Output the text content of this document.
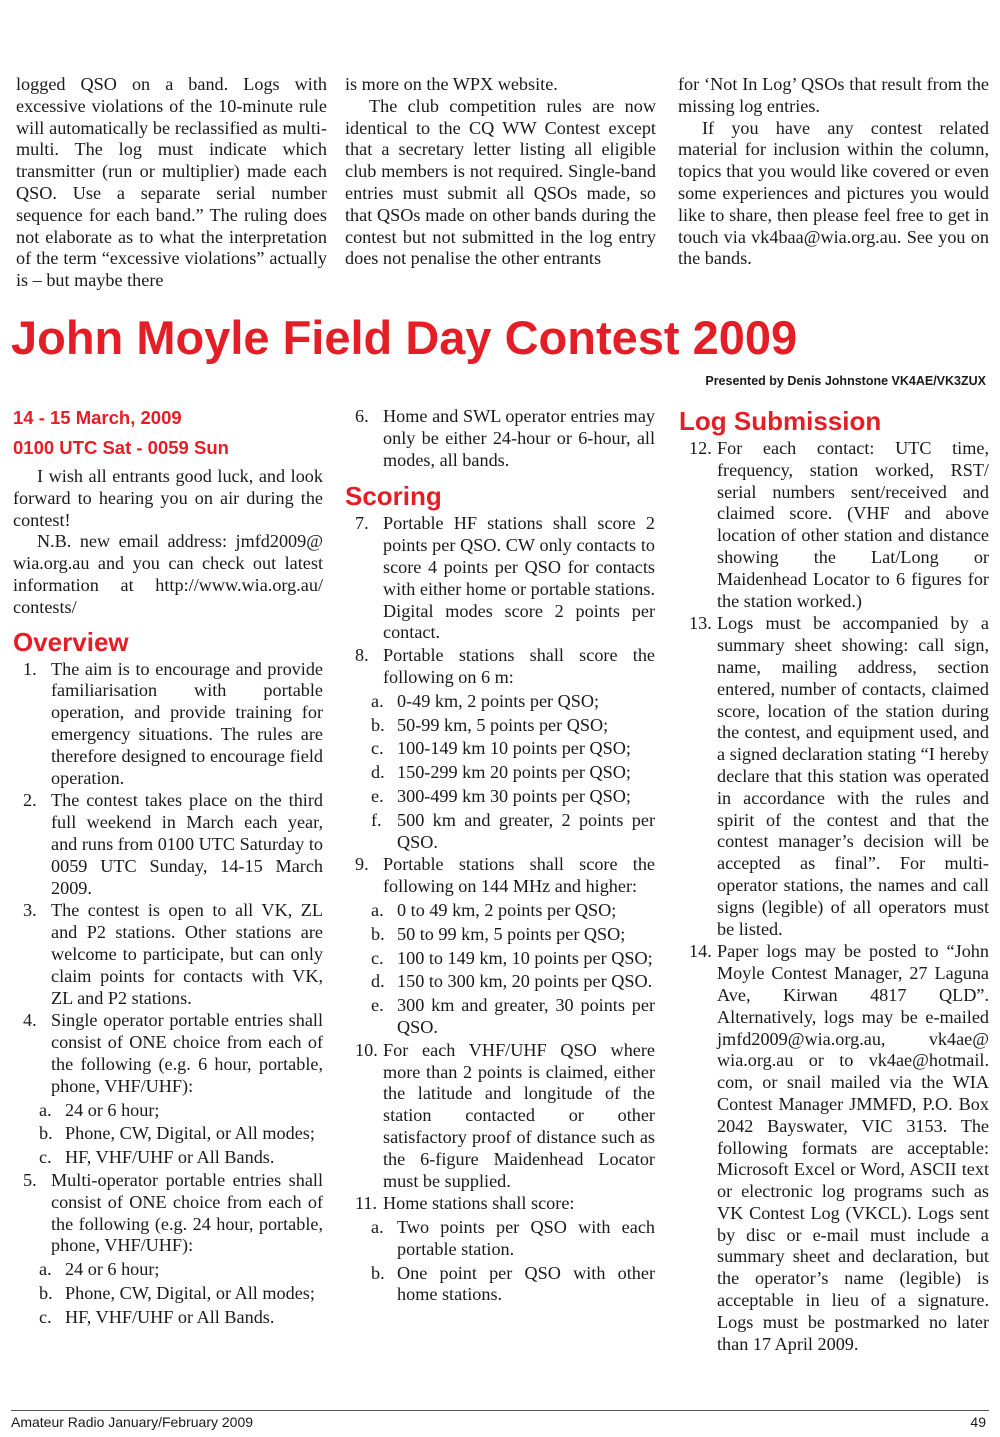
logged QSO on a band. Logs with excessive violations of the 10-minute rule will automatically be reclassified as multi-multi. The log must indicate which transmitter (run or multiplier) made each QSO. Use a separate serial number sequence for each band.” The ruling does not elaborate as to what the interpretation of the term “excessive violations” actually is – but maybe there

is more on the WPX website.

The club competition rules are now identical to the CQ WW Contest except that a secretary letter listing all eligible club members is not required. Single-band entries must submit all QSOs made, so that QSOs made on other bands during the contest but not submitted in the log entry does not penalise the other entrants

for ‘Not In Log’ QSOs that result from the missing log entries.

If you have any contest related material for inclusion within the column, topics that you would like covered or even some experiences and pictures you would like to share, then please feel free to get in touch via vk4baa@wia.org.au. See you on the bands.

John Moyle Field Day Contest 2009
Presented by Denis Johnstone VK4AE/VK3ZUX

14 - 15 March, 2009

0100 UTC Sat - 0059 Sun

I wish all entrants good luck, and look forward to hearing you on air during the contest!

N.B. new email address: jmfd2009@ wia.org.au and you can check out latest information at http://www.wia.org.au/ contests/

Overview
1. The aim is to encourage and provide familiarisation with portable operation, and provide training for emergency situations. The rules are therefore designed to encourage field operation.
2. The contest takes place on the third full weekend in March each year, and runs from 0100 UTC Saturday to 0059 UTC Sunday, 14-15 March 2009.
3. The contest is open to all VK, ZL and P2 stations. Other stations are welcome to participate, but can only claim points for contacts with VK, ZL and P2 stations.
4. Single operator portable entries shall consist of ONE choice from each of the following (e.g. 6 hour, portable, phone, VHF/UHF):
a. 24 or 6 hour;
b. Phone, CW, Digital, or All modes;
c. HF, VHF/UHF or All Bands.
5. Multi-operator portable entries shall consist of ONE choice from each of the following (e.g. 24 hour, portable, phone, VHF/UHF):
a. 24 or 6 hour;
b. Phone, CW, Digital, or All modes;
c. HF, VHF/UHF or All Bands.
6. Home and SWL operator entries may only be either 24-hour or 6-hour, all modes, all bands.
Scoring
7. Portable HF stations shall score 2 points per QSO. CW only contacts to score 4 points per QSO for contacts with either home or portable stations. Digital modes score 2 points per contact.
8. Portable stations shall score the following on 6 m:
a. 0-49 km, 2 points per QSO;
b. 50-99 km, 5 points per QSO;
c. 100-149 km 10 points per QSO;
d. 150-299 km 20 points per QSO;
e. 300-499 km 30 points per QSO;
f. 500 km and greater, 2 points per QSO.
9. Portable stations shall score the following on 144 MHz and higher:
a. 0 to 49 km, 2 points per QSO;
b. 50 to 99 km, 5 points per QSO;
c. 100 to 149 km, 10 points per QSO;
d. 150 to 300 km, 20 points per QSO.
e. 300 km and greater, 30 points per QSO.
10. For each VHF/UHF QSO where more than 2 points is claimed, either the latitude and longitude of the station contacted or other satisfactory proof of distance such as the 6-figure Maidenhead Locator must be supplied.
11. Home stations shall score:
a. Two points per QSO with each portable station.
b. One point per QSO with other home stations.
Log Submission
12. For each contact: UTC time, frequency, station worked, RST/ serial numbers sent/received and claimed score. (VHF and above location of other station and distance showing the Lat/Long or Maidenhead Locator to 6 figures for the station worked.)
13. Logs must be accompanied by a summary sheet showing: call sign, name, mailing address, section entered, number of contacts, claimed score, location of the station during the contest, and equipment used, and a signed declaration stating “I hereby declare that this station was operated in accordance with the rules and spirit of the contest and that the contest manager’s decision will be accepted as final”. For multi-operator stations, the names and call signs (legible) of all operators must be listed.
14. Paper logs may be posted to “John Moyle Contest Manager, 27 Laguna Ave, Kirwan 4817 QLD”. Alternatively, logs may be e-mailed jmfd2009@wia.org.au, vk4ae@ wia.org.au or to vk4ae@hotmail. com, or snail mailed via the WIA Contest Manager JMMFD, P.O. Box 2042 Bayswater, VIC 3153. The following formats are acceptable: Microsoft Excel or Word, ASCII text or electronic log programs such as VK Contest Log (VKCL). Logs sent by disc or e-mail must include a summary sheet and declaration, but the operator’s name (legible) is acceptable in lieu of a signature. Logs must be postmarked no later than 17 April 2009.
Amateur Radio January/February 2009	49
